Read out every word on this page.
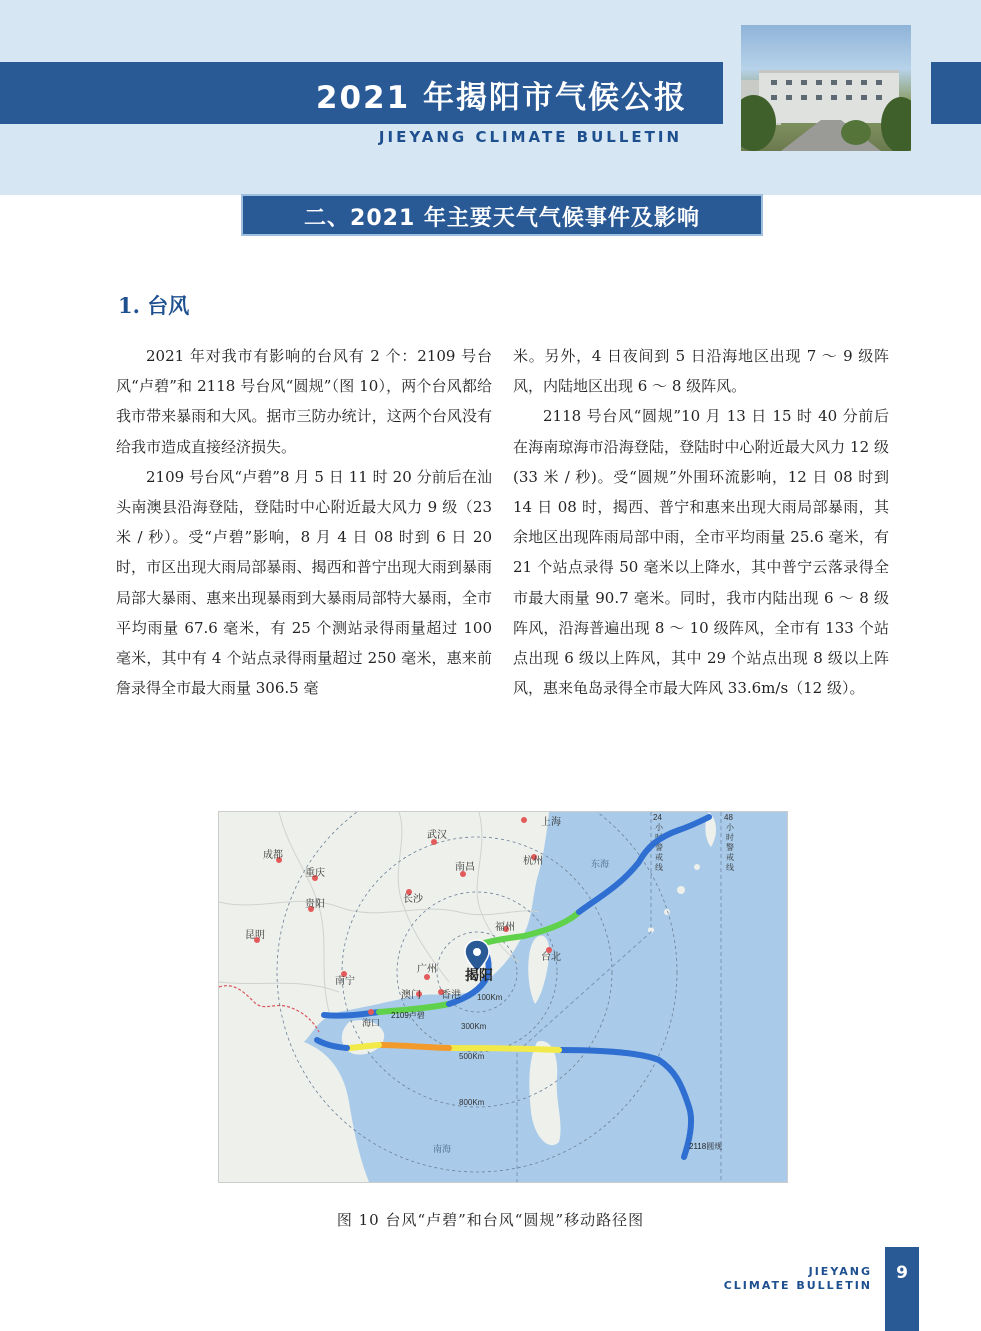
2021 年揭阳市气候公报
JIEYANG CLIMATE BULLETIN
二、2021 年主要天气气候事件及影响
1. 台风

2021 年对我市有影响的台风有 2 个：2109 号台风“卢碧”和 2118 号台风“圆规”（图 10），两个台风都给我市带来暴雨和大风。据市三防办统计，这两个台风没有给我市造成直接经济损失。

2109 号台风“卢碧”8 月 5 日 11 时 20 分前后在汕头南澳县沿海登陆，登陆时中心附近最大风力 9 级（23 米 / 秒）。受“卢碧”影响，8 月 4 日 08 时到 6 日 20 时，市区出现大雨局部暴雨、揭西和普宁出现大雨到暴雨局部大暴雨、惠来出现暴雨到大暴雨局部特大暴雨，全市平均雨量 67.6 毫米，有 25 个测站录得雨量超过 100 毫米，其中有 4 个站点录得雨量超过 250 毫米，惠来前詹录得全市最大雨量 306.5 毫

米。另外，4 日夜间到 5 日沿海地区出现 7 ～ 9 级阵风，内陆地区出现 6 ～ 8 级阵风。

2118 号台风“圆规”10 月 13 日 15 时 40 分前后在海南琼海市沿海登陆，登陆时中心附近最大风力 12 级 (33 米 / 秒)。受“圆规”外围环流影响，12 日 08 时到 14 日 08 时，揭西、普宁和惠来出现大雨局部暴雨，其余地区出现阵雨局部中雨，全市平均雨量 25.6 毫米，有 21 个站点录得 50 毫米以上降水，其中普宁云落录得全市最大雨量 90.7 毫米。同时，我市内陆出现 6 ～ 8 级阵风，沿海普遍出现 8 ～ 10 级阵风，全市有 133 个站点出现 6 级以上阵风，其中 29 个站点出现 8 级以上阵风，惠来龟岛录得全市最大阵风 33.6m/s（12 级）。

24 小时警戒线
48 小时警戒线
100Km
300Km
500Km
800Km
上海
武汉
成都
杭州
重庆
南昌
长沙
贵阳
福州
昆明
台北
广州
南宁	揭阳
澳门 香港
海口
东海
南海
2109卢碧
2118圆规
图 10 台风“卢碧”和台风“圆规”移动路径图
JIEYANG
CLIMATE BULLETIN
9
